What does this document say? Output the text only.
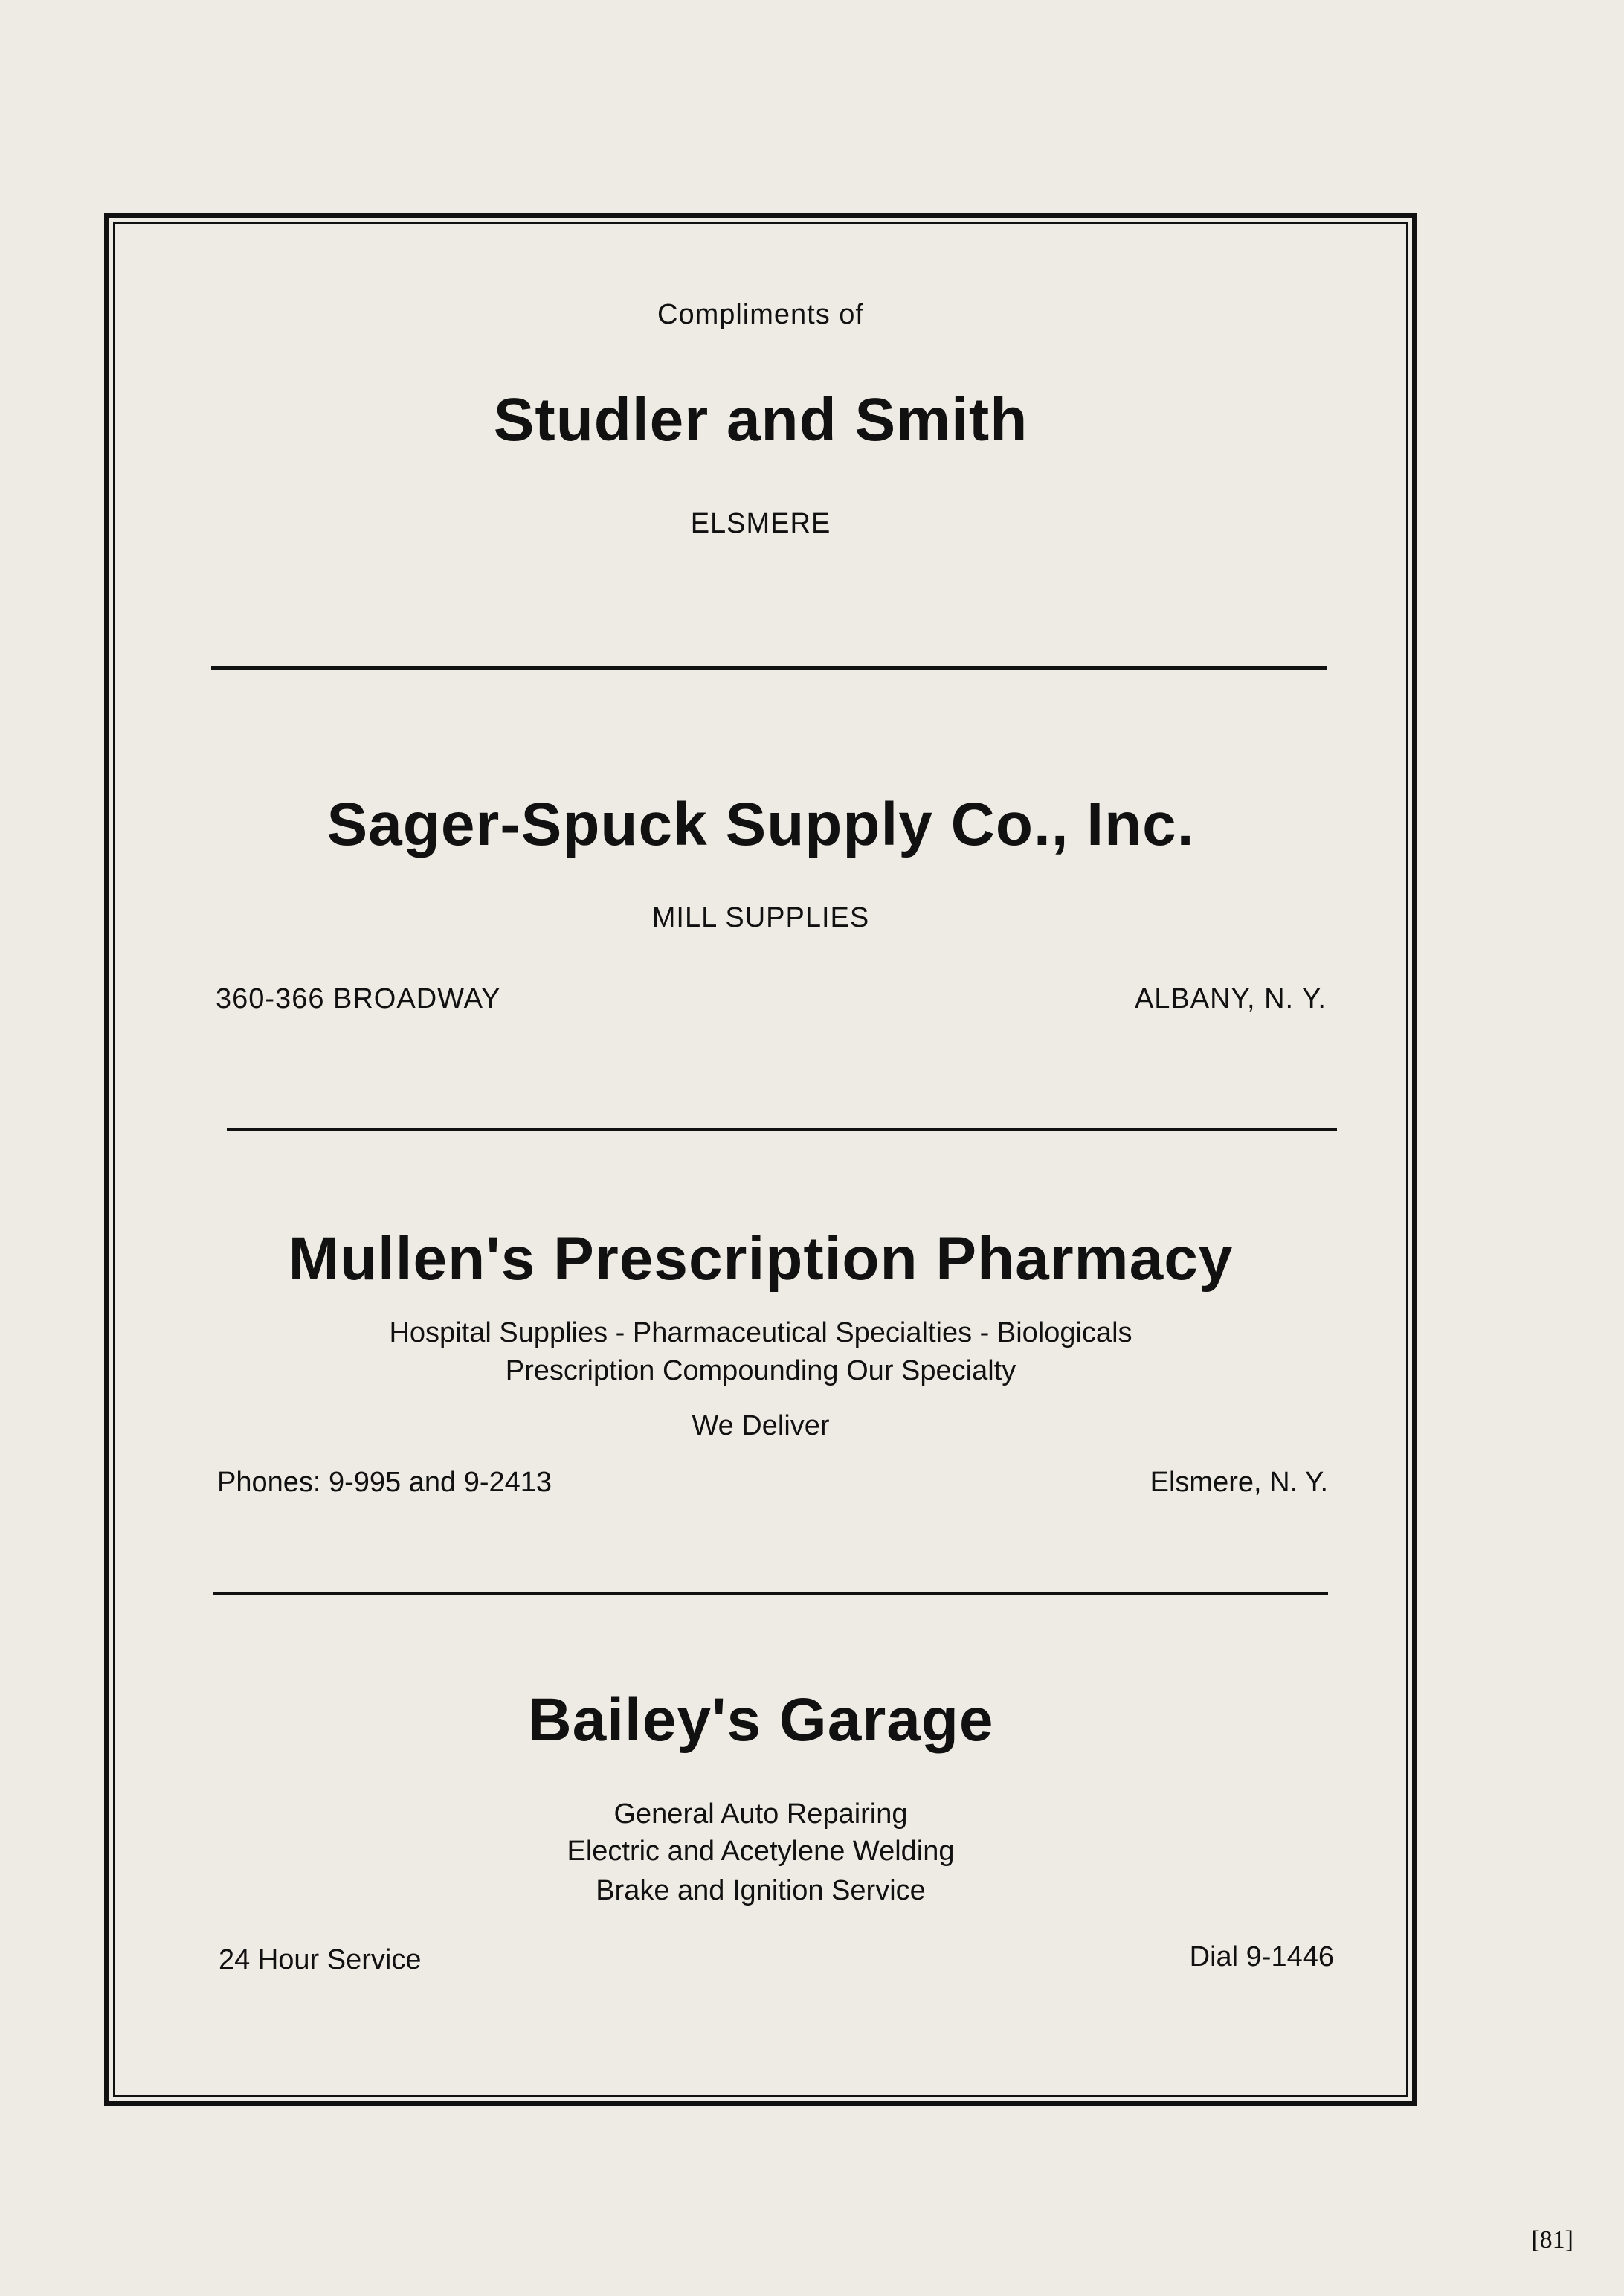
Compliments of
Studler and Smith
ELSMERE
Sager-Spuck Supply Co., Inc.
MILL SUPPLIES
360-366 BROADWAY	ALBANY, N. Y.
Mullen's Prescription Pharmacy
Hospital Supplies - Pharmaceutical Specialties - Biologicals
Prescription Compounding Our Specialty
We Deliver
Phones: 9-995 and 9-2413	Elsmere, N. Y.
Bailey's Garage
General Auto Repairing
Electric and Acetylene Welding
Brake and Ignition Service
24 Hour Service	Dial 9-1446
[81]
